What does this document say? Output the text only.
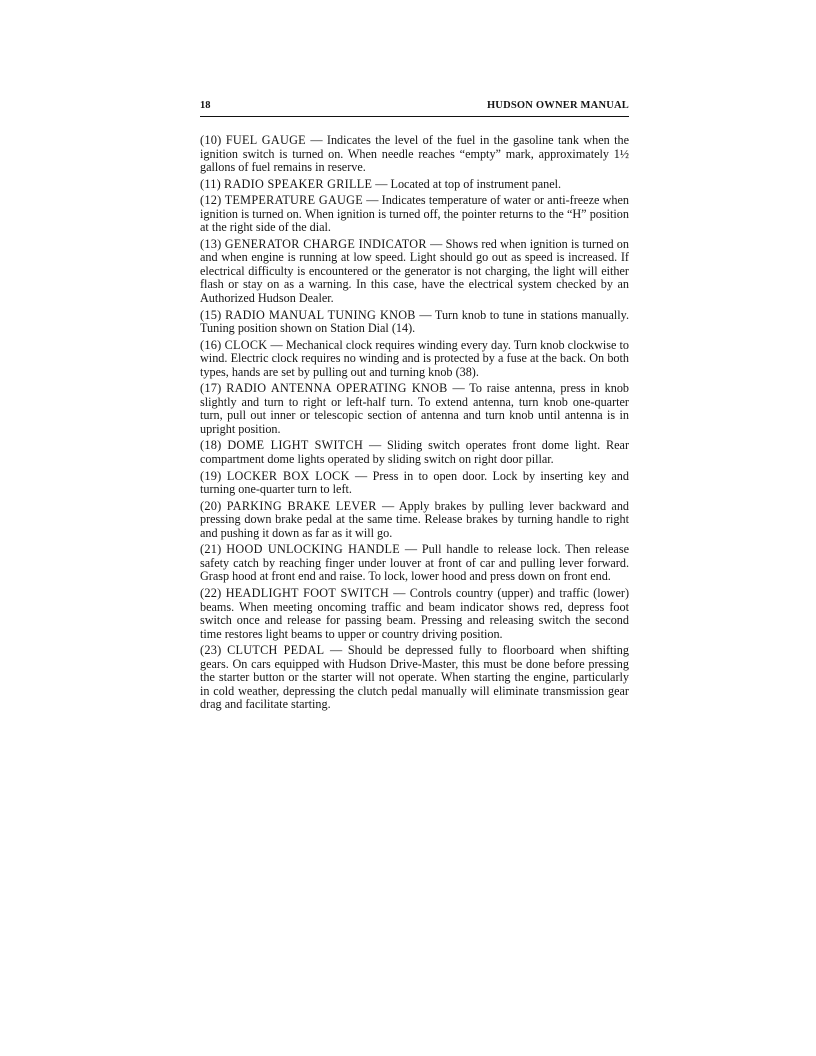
18	HUDSON OWNER MANUAL

(10) FUEL GAUGE — Indicates the level of the fuel in the gasoline tank when the ignition switch is turned on. When needle reaches “empty” mark, approximately 1½ gallons of fuel remains in reserve.

(11) RADIO SPEAKER GRILLE — Located at top of instrument panel.

(12) TEMPERATURE GAUGE — Indicates temperature of water or anti-freeze when ignition is turned on. When ignition is turned off, the pointer returns to the “H” position at the right side of the dial.

(13) GENERATOR CHARGE INDICATOR — Shows red when ignition is turned on and when engine is running at low speed. Light should go out as speed is increased. If electrical difficulty is encountered or the generator is not charging, the light will either flash or stay on as a warning. In this case, have the electrical system checked by an Authorized Hudson Dealer.

(15) RADIO MANUAL TUNING KNOB — Turn knob to tune in stations manually. Tuning position shown on Station Dial (14).

(16) CLOCK — Mechanical clock requires winding every day. Turn knob clockwise to wind. Electric clock requires no winding and is protected by a fuse at the back. On both types, hands are set by pulling out and turning knob (38).

(17) RADIO ANTENNA OPERATING KNOB — To raise antenna, press in knob slightly and turn to right or left-half turn. To extend antenna, turn knob one-quarter turn, pull out inner or telescopic section of antenna and turn knob until antenna is in upright position.

(18) DOME LIGHT SWITCH — Sliding switch operates front dome light. Rear compartment dome lights operated by sliding switch on right door pillar.

(19) LOCKER BOX LOCK — Press in to open door. Lock by inserting key and turning one-quarter turn to left.

(20) PARKING BRAKE LEVER — Apply brakes by pulling lever backward and pressing down brake pedal at the same time. Release brakes by turning handle to right and pushing it down as far as it will go.

(21) HOOD UNLOCKING HANDLE — Pull handle to release lock. Then release safety catch by reaching finger under louver at front of car and pulling lever forward. Grasp hood at front end and raise. To lock, lower hood and press down on front end.

(22) HEADLIGHT FOOT SWITCH — Controls country (upper) and traffic (lower) beams. When meeting oncoming traffic and beam indicator shows red, depress foot switch once and release for passing beam. Pressing and releasing switch the second time restores light beams to upper or country driving position.

(23) CLUTCH PEDAL — Should be depressed fully to floorboard when shifting gears. On cars equipped with Hudson Drive-Master, this must be done before pressing the starter button or the starter will not operate. When starting the engine, particularly in cold weather, depressing the clutch pedal manually will eliminate transmission gear drag and facilitate starting.
